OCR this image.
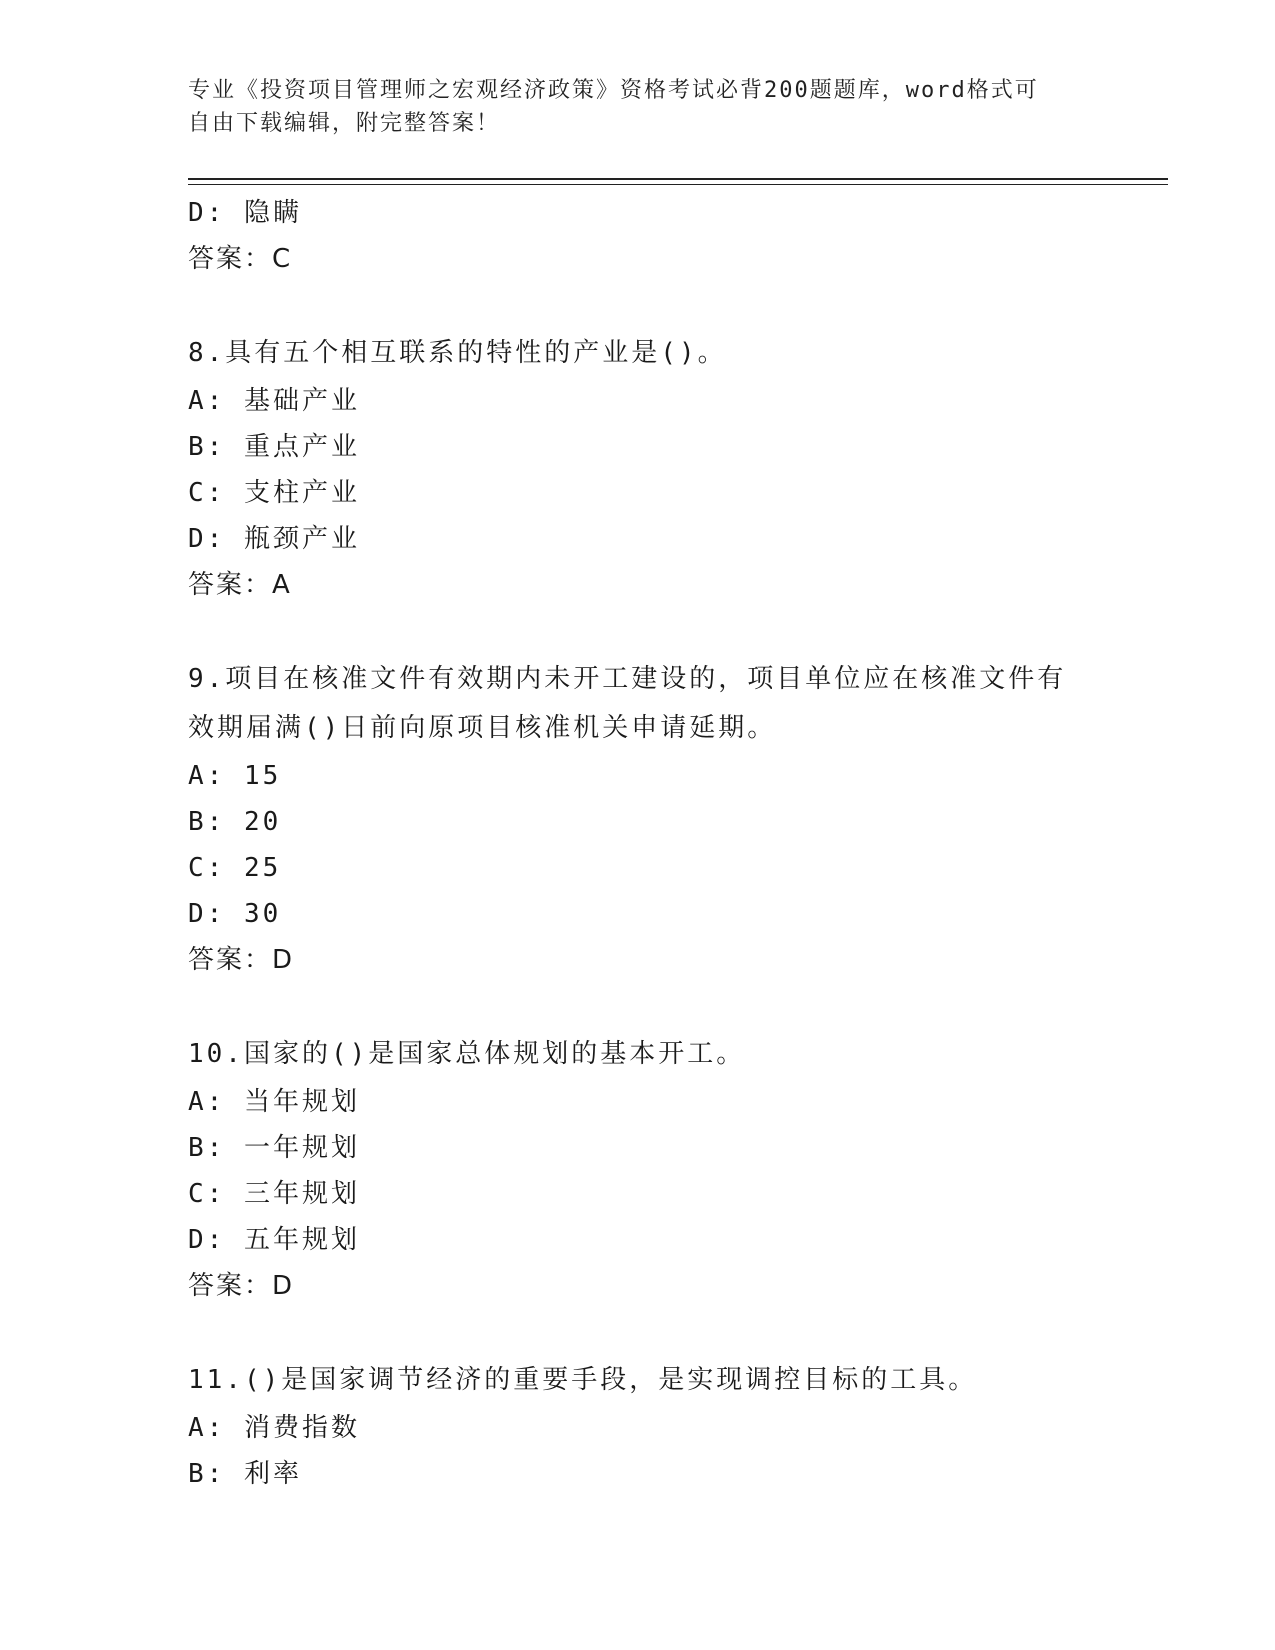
专业《投资项目管理师之宏观经济政策》资格考试必背200题题库，word格式可
自由下载编辑，附完整答案！
D: 隐瞒
答案：C
8.具有五个相互联系的特性的产业是()。
A: 基础产业
B: 重点产业
C: 支柱产业
D: 瓶颈产业
答案：A
9.项目在核准文件有效期内未开工建设的，项目单位应在核准文件有
效期届满()日前向原项目核准机关申请延期。
A: 15
B: 20
C: 25
D: 30
答案：D
10.国家的()是国家总体规划的基本开工。
A: 当年规划
B: 一年规划
C: 三年规划
D: 五年规划
答案：D
11.()是国家调节经济的重要手段，是实现调控目标的工具。
A: 消费指数
B: 利率
